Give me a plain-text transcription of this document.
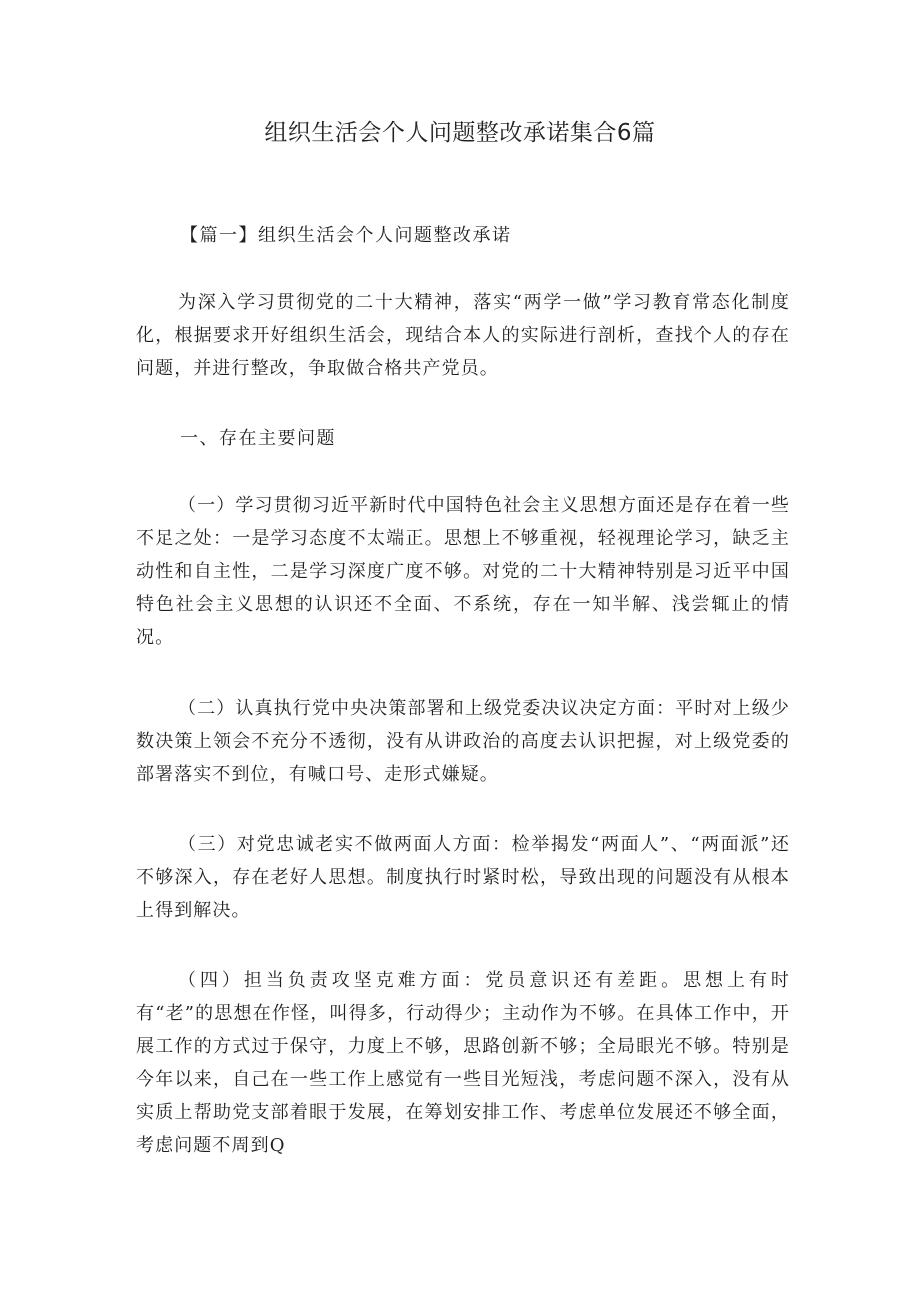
组织生活会个人问题整改承诺集合6篇
【篇一】组织生活会个人问题整改承诺
为深入学习贯彻党的二十大精神，落实“两学一做”学习教育常态化制度化，根据要求开好组织生活会，现结合本人的实际进行剖析，查找个人的存在问题，并进行整改，争取做合格共产党员。
一、存在主要问题
（一）学习贯彻习近平新时代中国特色社会主义思想方面还是存在着一些不足之处：一是学习态度不太端正。思想上不够重视，轻视理论学习，缺乏主动性和自主性，二是学习深度广度不够。对党的二十大精神特别是习近平中国特色社会主义思想的认识还不全面、不系统，存在一知半解、浅尝辄止的情况。
（二）认真执行党中央决策部署和上级党委决议决定方面：平时对上级少数决策上领会不充分不透彻，没有从讲政治的高度去认识把握，对上级党委的部署落实不到位，有喊口号、走形式嫌疑。
（三）对党忠诚老实不做两面人方面：检举揭发“两面人”、“两面派”还不够深入，存在老好人思想。制度执行时紧时松，导致出现的问题没有从根本上得到解决。
（四）担当负责攻坚克难方面：党员意识还有差距。思想上有时有“老”的思想在作怪，叫得多，行动得少；主动作为不够。在具体工作中，开展工作的方式过于保守，力度上不够，思路创新不够；全局眼光不够。特别是今年以来，自己在一些工作上感觉有一些目光短浅，考虑问题不深入，没有从实质上帮助党支部着眼于发展，在筹划安排工作、考虑单位发展还不够全面，考虑问题不周到Q
